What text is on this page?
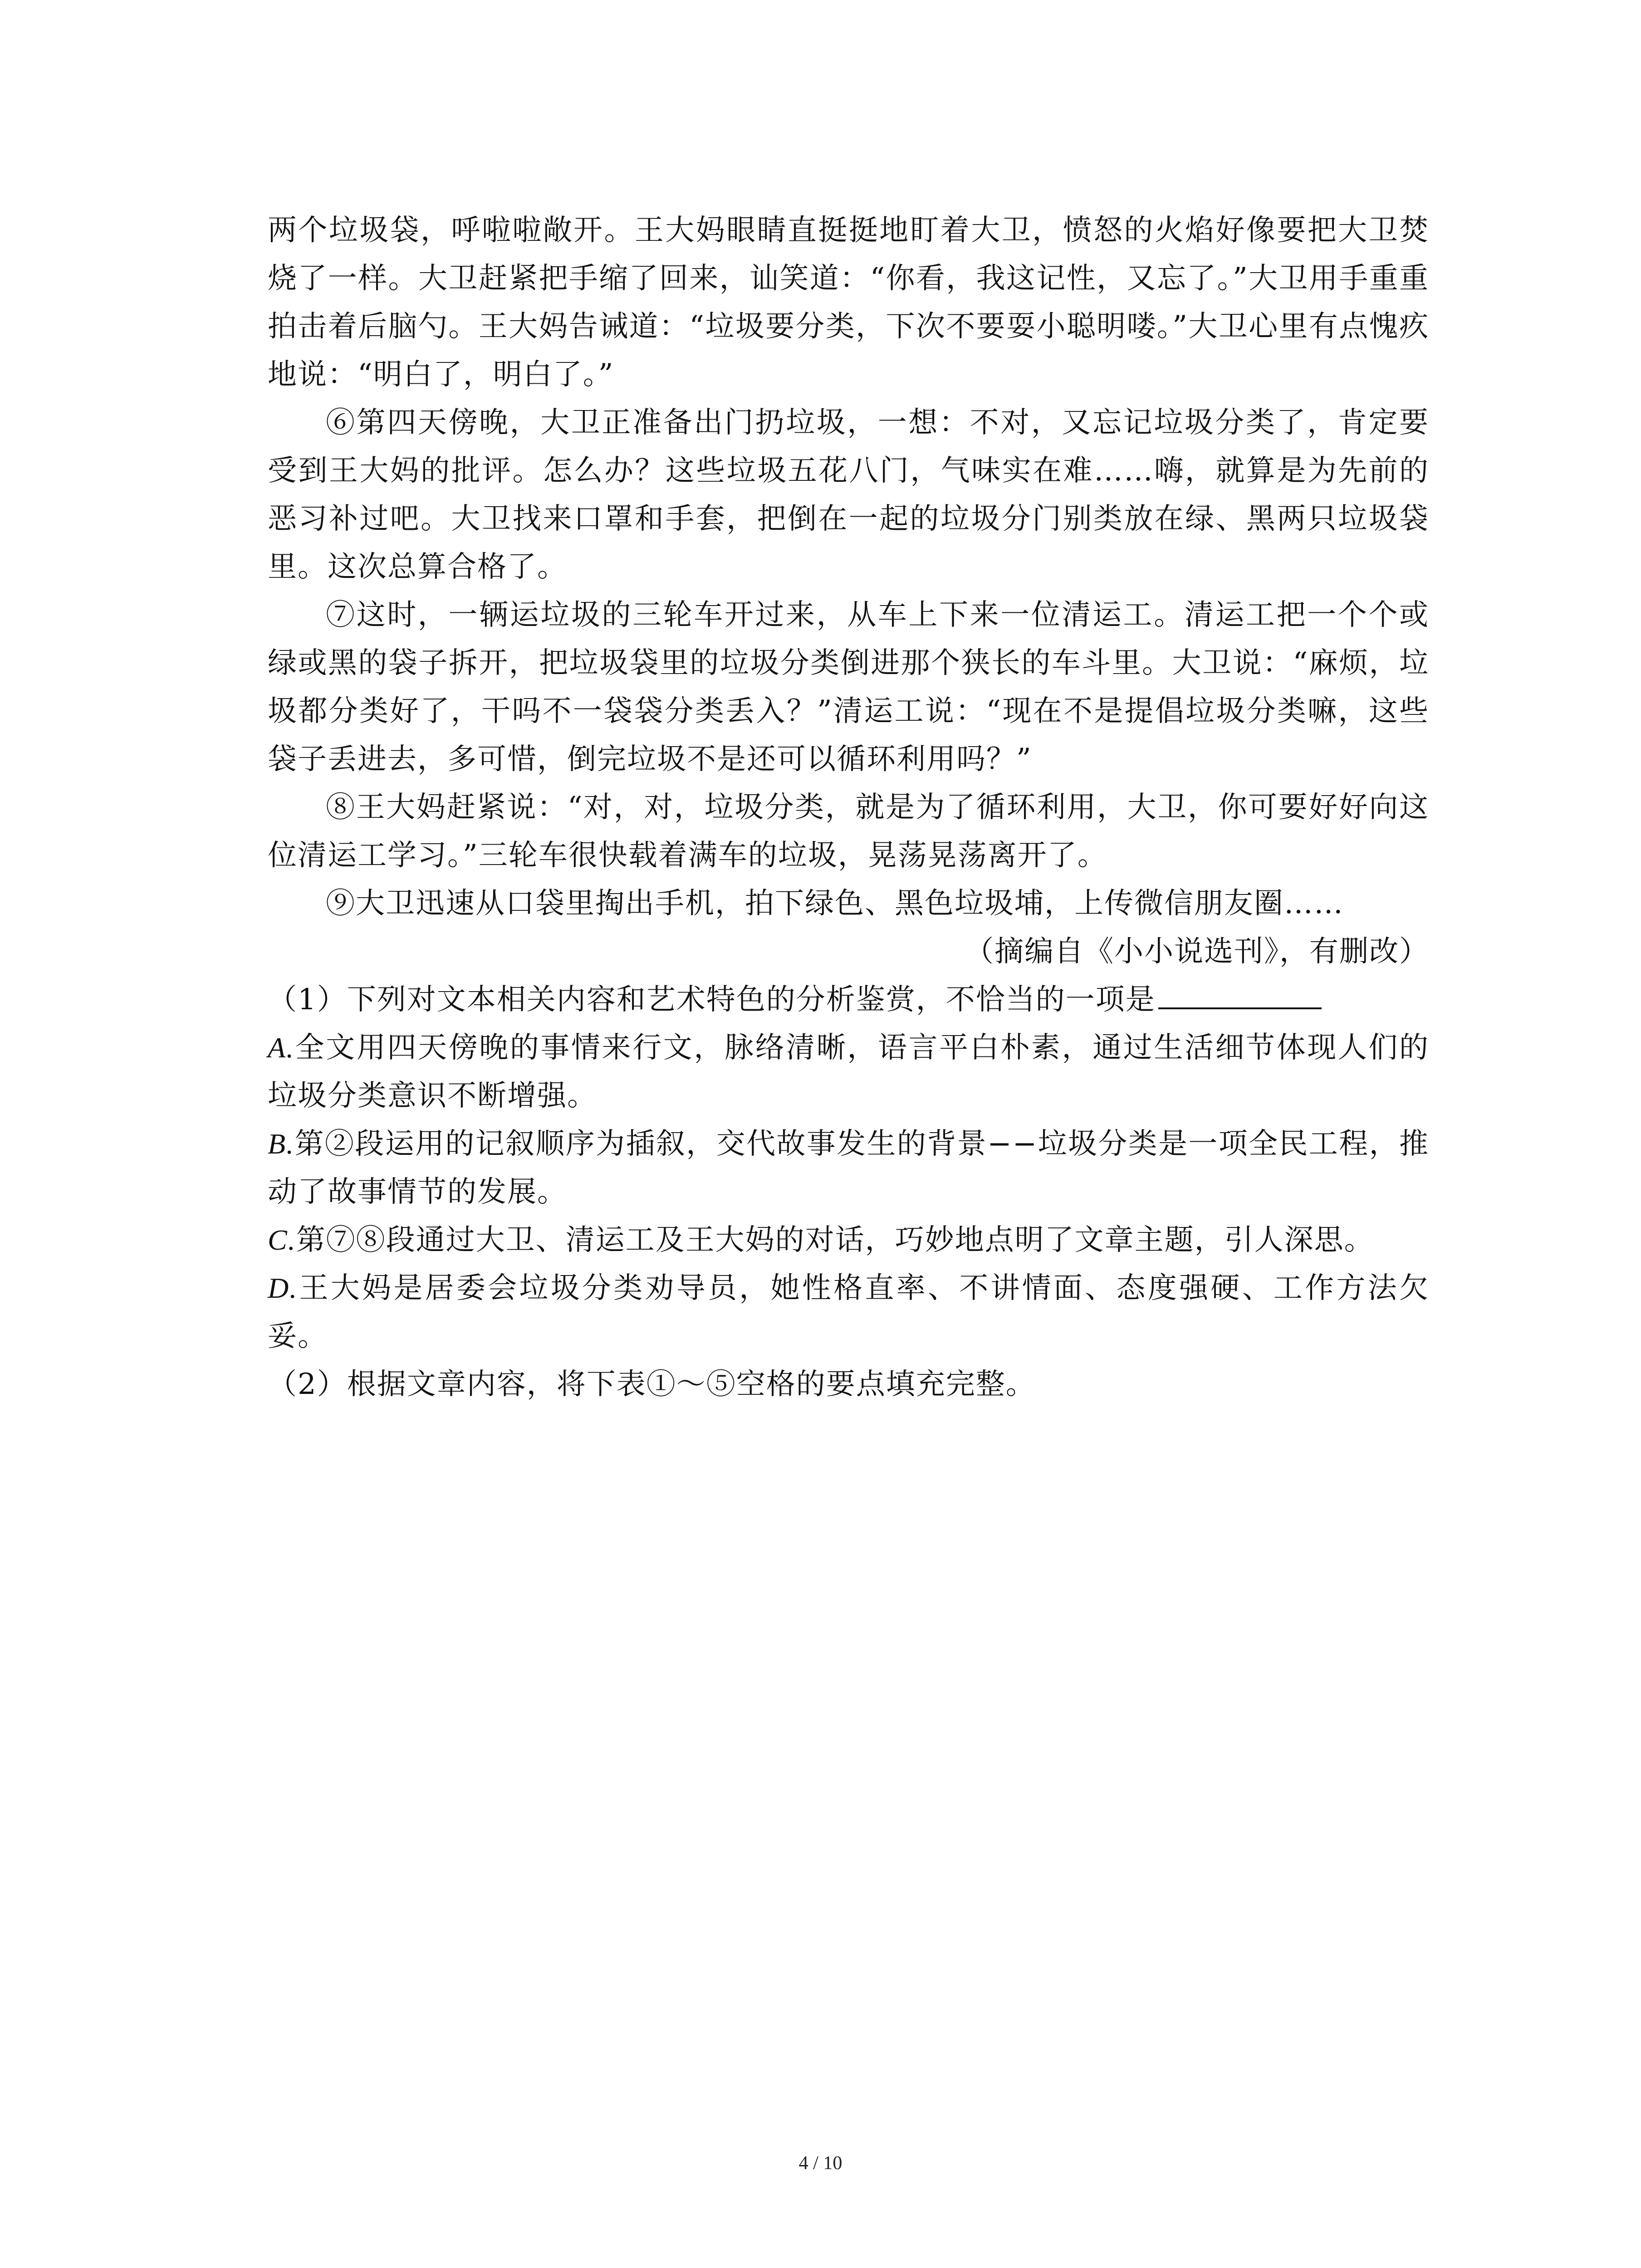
两个垃圾袋，呼啦啦敞开。王大妈眼睛直挺挺地盯着大卫，愤怒的火焰好像要把大卫焚烧了一样。大卫赶紧把手缩了回来，讪笑道：“你看，我这记性，又忘了。”大卫用手重重拍击着后脑勺。王大妈告诫道：“垃圾要分类，下次不要耍小聪明喽。”大卫心里有点愧疚地说：“明白了，明白了。”

⑥第四天傍晚，大卫正准备出门扔垃圾，一想：不对，又忘记垃圾分类了，肯定要受到王大妈的批评。怎么办？这些垃圾五花八门，气味实在难……嗨，就算是为先前的恶习补过吧。大卫找来口罩和手套，把倒在一起的垃圾分门别类放在绿、黑两只垃圾袋里。这次总算合格了。

⑦这时，一辆运垃圾的三轮车开过来，从车上下来一位清运工。清运工把一个个或绿或黑的袋子拆开，把垃圾袋里的垃圾分类倒进那个狭长的车斗里。大卫说：“麻烦，垃圾都分类好了，干吗不一袋袋分类丢入？”清运工说：“现在不是提倡垃圾分类嘛，这些袋子丢进去，多可惜，倒完垃圾不是还可以循环利用吗？”

⑧王大妈赶紧说：“对，对，垃圾分类，就是为了循环利用，大卫，你可要好好向这位清运工学习。”三轮车很快载着满车的垃圾，晃荡晃荡离开了。

⑨大卫迅速从口袋里掏出手机，拍下绿色、黑色垃圾埔，上传微信朋友圈……

（摘编自《小小说选刊》，有删改）

（1）下列对文本相关内容和艺术特色的分析鉴赏，不恰当的一项是

A.全文用四天傍晚的事情来行文，脉络清晰，语言平白朴素，通过生活细节体现人们的垃圾分类意识不断增强。

B.第②段运用的记叙顺序为插叙，交代故事发生的背景−−垃圾分类是一项全民工程，推动了故事情节的发展。

C.第⑦⑧段通过大卫、清运工及王大妈的对话，巧妙地点明了文章主题，引人深思。

D.王大妈是居委会垃圾分类劝导员，她性格直率、不讲情面、态度强硬、工作方法欠妥。

（2）根据文章内容，将下表①～⑤空格的要点填充完整。

4 / 10
